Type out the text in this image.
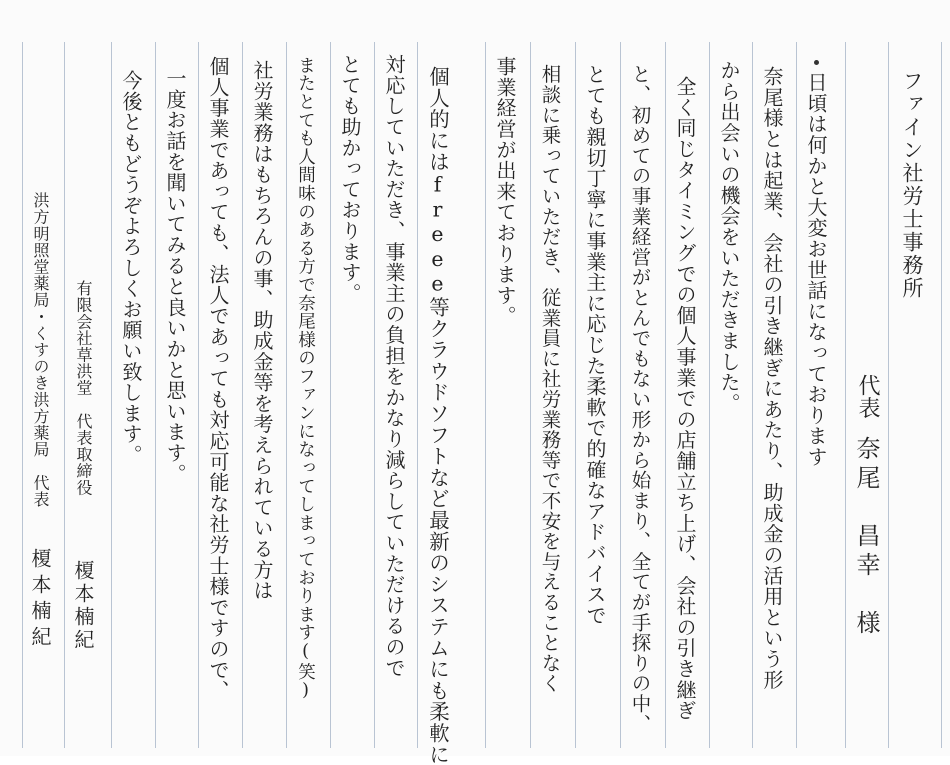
ファイン社労士事務所
代表
奈尾　昌幸　様
日頃は何かと大変お世話になっております
奈尾様とは起業、会社の引き継ぎにあたり、助成金の活用という形
から出会いの機会をいただきました。
全く同じタイミングでの個人事業での店舗立ち上げ、会社の引き継ぎ
と、初めての事業経営がとんでもない形から始まり、全てが手探りの中、
とても親切丁寧に事業主に応じた柔軟で的確なアドバイスで
相談に乗っていただき、従業員に社労業務等で不安を与えることなく
事業経営が出来ております。
個人的にはfreee等クラウドソフトなど最新のシステムにも柔軟に
対応していただき、事業主の負担をかなり減らしていただけるので
とても助かっております。
またとても人間味のある方で奈尾様のファンになってしまっております(笑)
社労業務はもちろんの事、助成金等を考えられている方は
個人事業であっても、法人であっても対応可能な社労士様ですので、
一度お話を聞いてみると良いかと思います。
今後ともどうぞよろしくお願い致します。
有限会社草洪堂　代表取締役
榎本楠紀
洪方明照堂薬局・くすのき洪方薬局　代表
榎本楠紀
